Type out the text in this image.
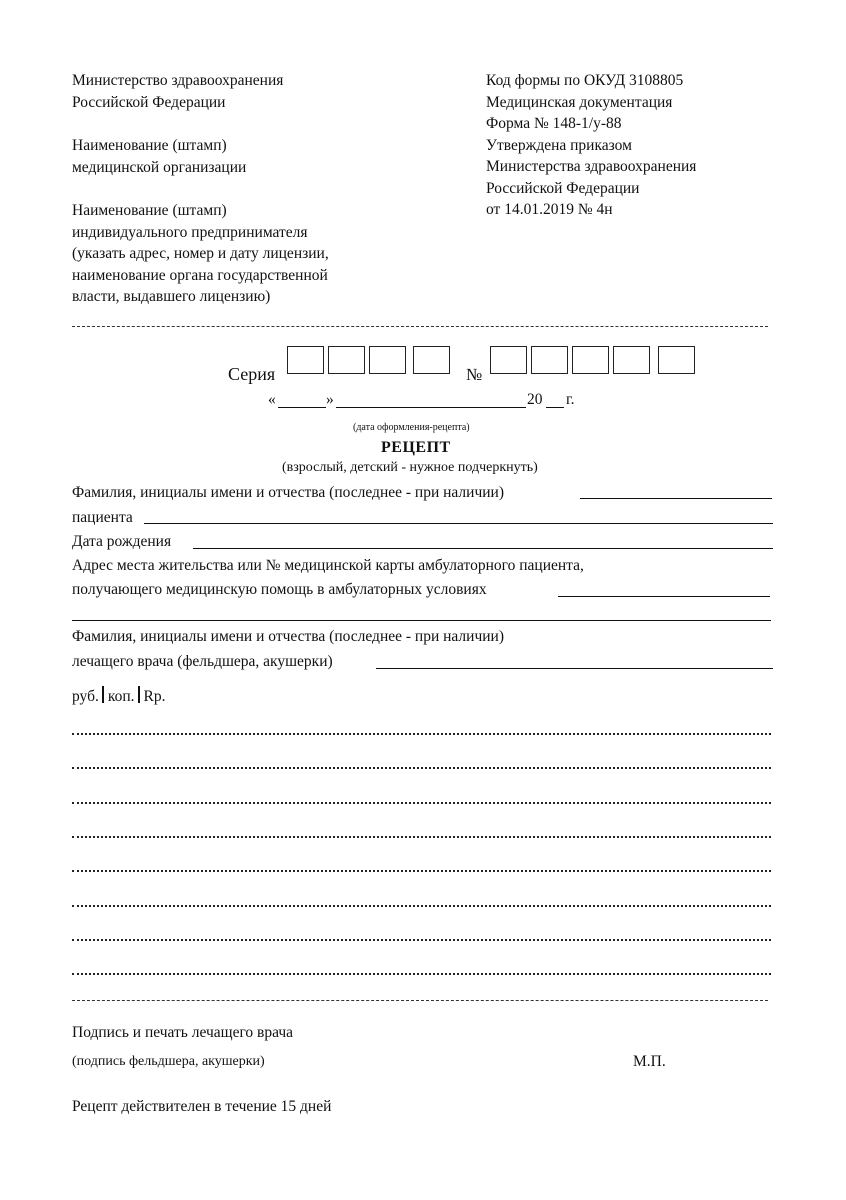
Министерство здравоохранения
Российской Федерации
Наименование (штамп)
медицинской организации
Наименование (штамп)
индивидуального предпринимателя
(указать адрес, номер и дату лицензии,
наименование органа государственной
власти, выдавшего лицензию)
Код формы по ОКУД 3108805
Медицинская документация
Форма № 148-1/у-88
Утверждена приказом
Министерства здравоохранения
Российской Федерации
от 14.01.2019 № 4н
Серия	№
«	»	20 г.
(дата оформления-рецепта)
РЕЦЕПТ
(взрослый, детский - нужное подчеркнуть)
Фамилия, инициалы имени и отчества (последнее - при наличии)
пациента
Дата рождения
Адрес места жительства или № медицинской карты амбулаторного пациента,
получающего медицинскую помощь в амбулаторных условиях
Фамилия, инициалы имени и отчества (последнее - при наличии)
лечащего врача (фельдшера, акушерки)
руб. коп. Rp.
Подпись и печать лечащего врача
(подпись фельдшера, акушерки)	М.П.
Рецепт действителен в течение 15 дней
